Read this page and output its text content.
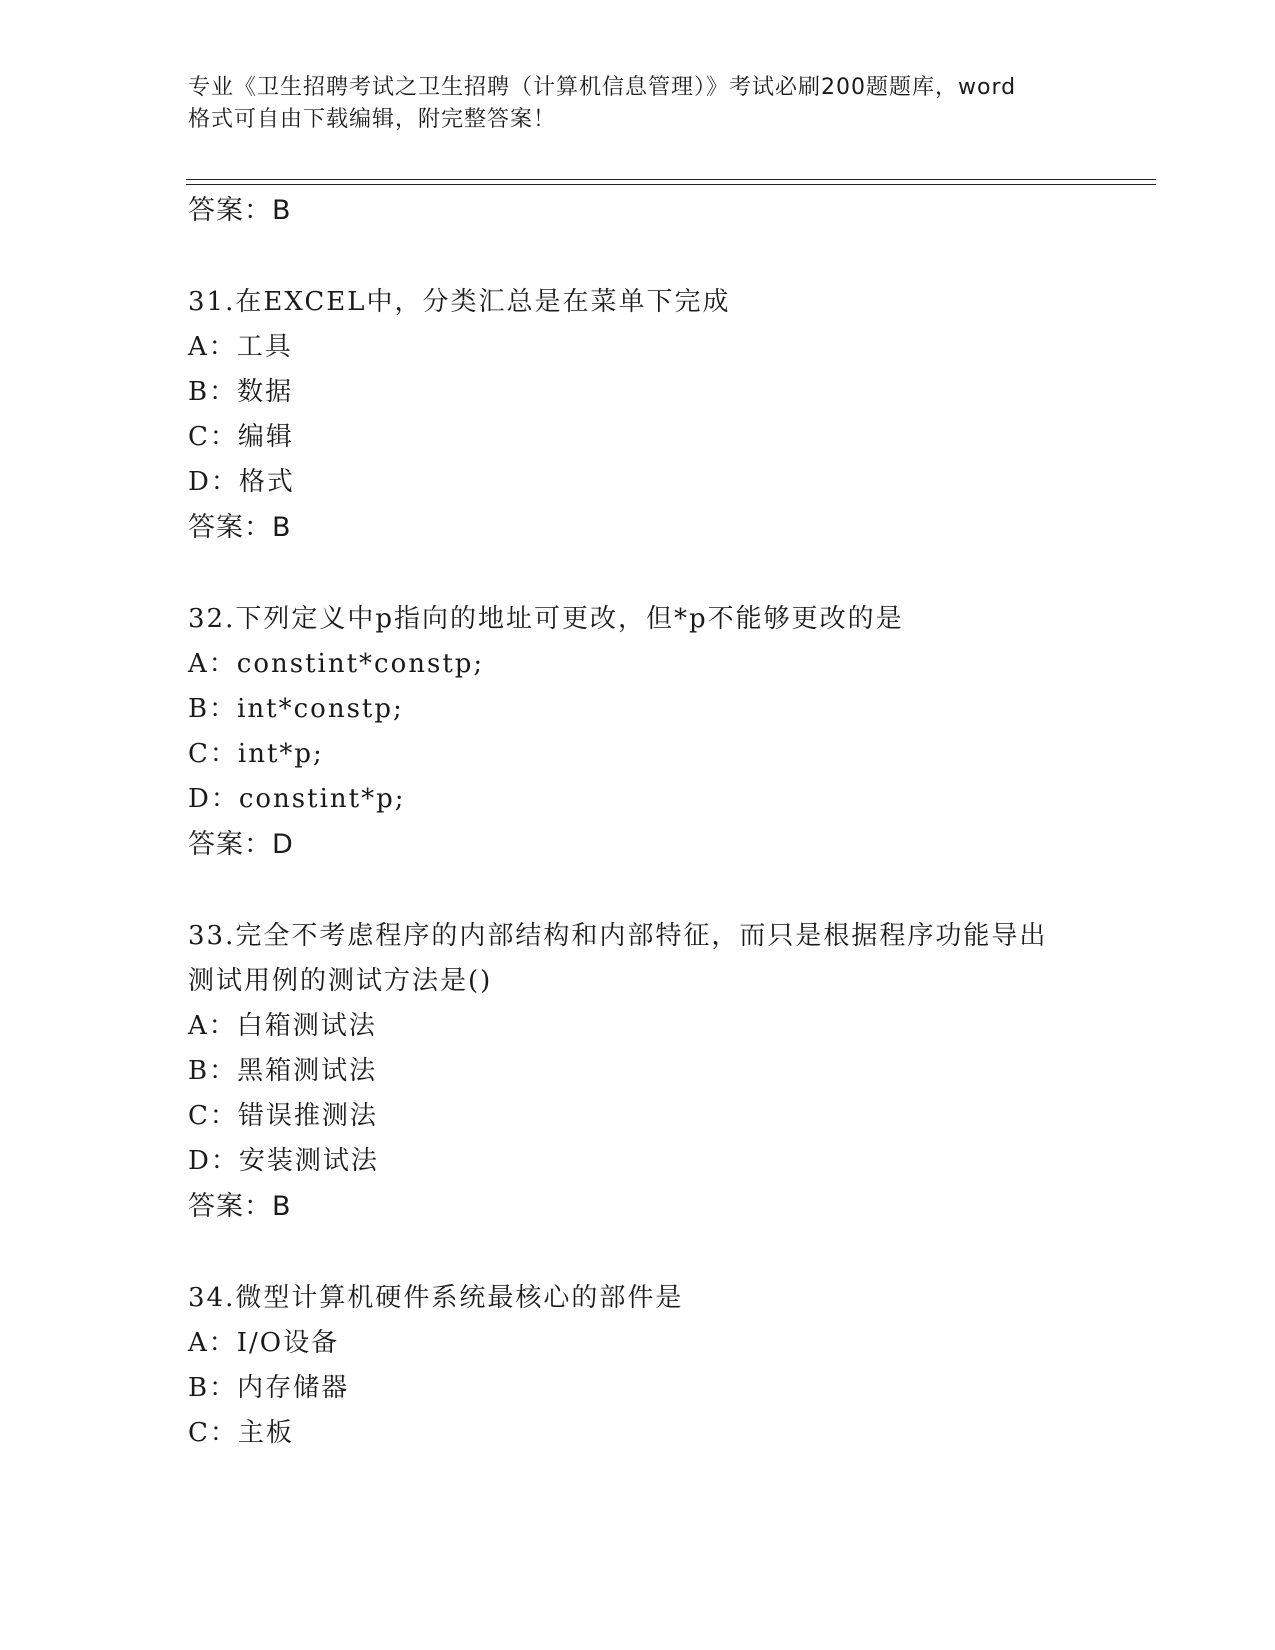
专业《卫生招聘考试之卫生招聘（计算机信息管理）》考试必刷200题题库，word
格式可自由下载编辑，附完整答案！
答案：B
31.在EXCEL中，分类汇总是在菜单下完成
A：工具
B：数据
C：编辑
D：格式
答案：B
32.下列定义中p指向的地址可更改，但*p不能够更改的是
A：constint*constp;
B：int*constp;
C：int*p;
D：constint*p;
答案：D
33.完全不考虑程序的内部结构和内部特征，而只是根据程序功能导出
测试用例的测试方法是()
A：白箱测试法
B：黑箱测试法
C：错误推测法
D：安装测试法
答案：B
34.微型计算机硬件系统最核心的部件是
A：I/O设备
B：内存储器
C：主板
